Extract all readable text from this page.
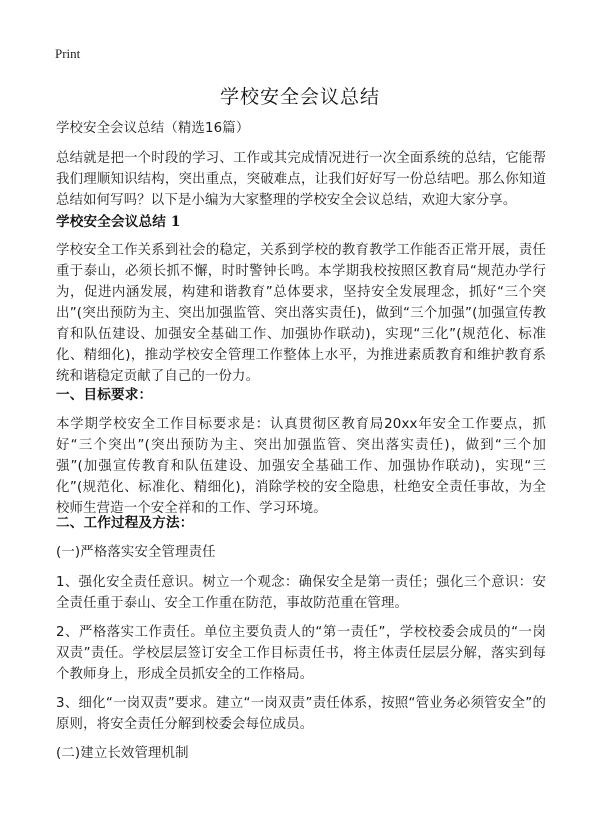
Print
学校安全会议总结

学校安全会议总结（精选16篇）

总结就是把一个时段的学习、工作或其完成情况进行一次全面系统的总结，它能帮我们理顺知识结构，突出重点，突破难点，让我们好好写一份总结吧。那么你知道总结如何写吗？以下是小编为大家整理的学校安全会议总结，欢迎大家分享。

学校安全会议总结 1

学校安全工作关系到社会的稳定，关系到学校的教育教学工作能否正常开展，责任重于泰山，必须长抓不懈，时时警钟长鸣。本学期我校按照区教育局“规范办学行为，促进内涵发展，构建和谐教育”总体要求，坚持安全发展理念，抓好“三个突出”(突出预防为主、突出加强监管、突出落实责任)，做到“三个加强”(加强宣传教育和队伍建设、加强安全基础工作、加强协作联动)，实现“三化”(规范化、标准化、精细化)，推动学校安全管理工作整体上水平，为推进素质教育和维护教育系统和谐稳定贡献了自己的一份力。

一、目标要求：

本学期学校安全工作目标要求是：认真贯彻区教育局20xx年安全工作要点，抓好“三个突出”(突出预防为主、突出加强监管、突出落实责任)，做到“三个加强”(加强宣传教育和队伍建设、加强安全基础工作、加强协作联动)，实现“三化”(规范化、标准化、精细化)，消除学校的安全隐患，杜绝安全责任事故，为全校师生营造一个安全祥和的工作、学习环境。

二、工作过程及方法：

(一)严格落实安全管理责任

1、强化安全责任意识。树立一个观念：确保安全是第一责任；强化三个意识：安全责任重于泰山、安全工作重在防范，事故防范重在管理。

2、严格落实工作责任。单位主要负责人的“第一责任”，学校校委会成员的“一岗双责”责任。学校层层签订安全工作目标责任书，将主体责任层层分解，落实到每个教师身上，形成全员抓安全的工作格局。

3、细化“一岗双责”要求。建立“一岗双责”责任体系，按照“管业务必须管安全”的原则，将安全责任分解到校委会每位成员。

(二)建立长效管理机制
